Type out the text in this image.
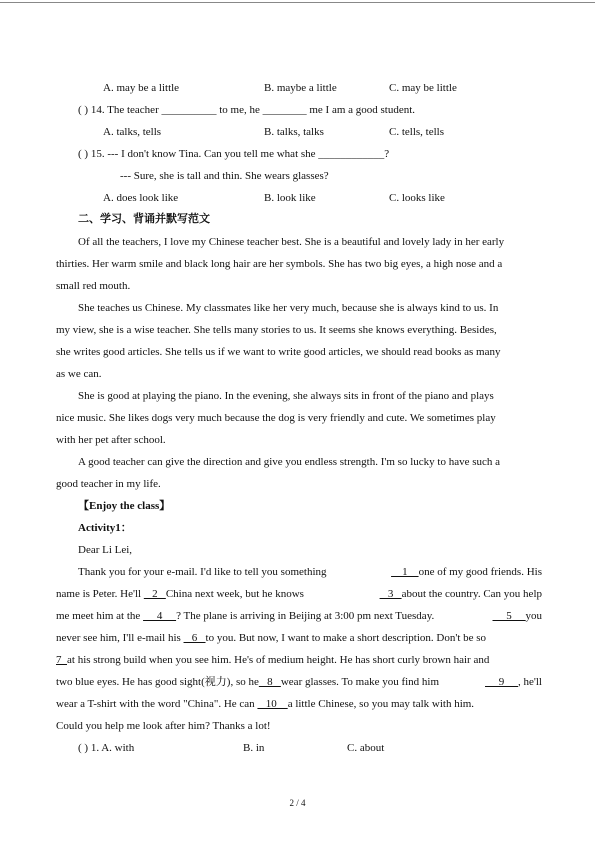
A. may be a little	B. maybe a little	C. may be little
( ) 14. The teacher __________ to me, he ________ me I am a good student.
A. talks, tells	B. talks, talks	C. tells, tells
( ) 15. --- I don't know Tina. Can you tell me what she ____________?
--- Sure, she is tall and thin. She wears glasses?
A. does look like	B. look like	C. looks like
二、学习、背诵并默写范文
Of all the teachers, I love my Chinese teacher best. She is a beautiful and lovely lady in her early
thirties. Her warm smile and black long hair are her symbols. She has two big eyes, a high nose and a
small red mouth.
She teaches us Chinese. My classmates like her very much, because she is always kind to us. In
my view, she is a wise teacher. She tells many stories to us. It seems she knows everything. Besides,
she writes good articles. She tells us if we want to write good articles, we should read books as many
as we can.
She is good at playing the piano. In the evening, she always sits in front of the piano and plays
nice music. She likes dogs very much because the dog is very friendly and cute. We sometimes play
with her pet after school.
A good teacher can give the direction and give you endless strength. I'm so lucky to have such a
good teacher in my life.
【Enjoy the class】
Activity1：
Dear Li Lei,
Thank you for your e-mail. I'd like to tell you something	1    one of my good friends. His
name is Peter. He'll    2   China next week, but he knows	3   about the country. Can you help
me meet him at the      4     ? The plane is arriving in Beijing at 3:00 pm next Tuesday.	5     you
never see him, I'll e-mail his    6   to you. But now, I want to make a short description. Don't be so
7  at his strong build when you see him. He's of medium height. He has short curly brown hair and
two blue eyes. He has good sight(视力), so he   8   wear glasses. To make you find him	9     , he'll
wear a T-shirt with the word "China". He can    10    a little Chinese, so you may talk with him.
Could you help me look after him? Thanks a lot!
( ) 1. A. with	B. in	C. about
2 / 4
